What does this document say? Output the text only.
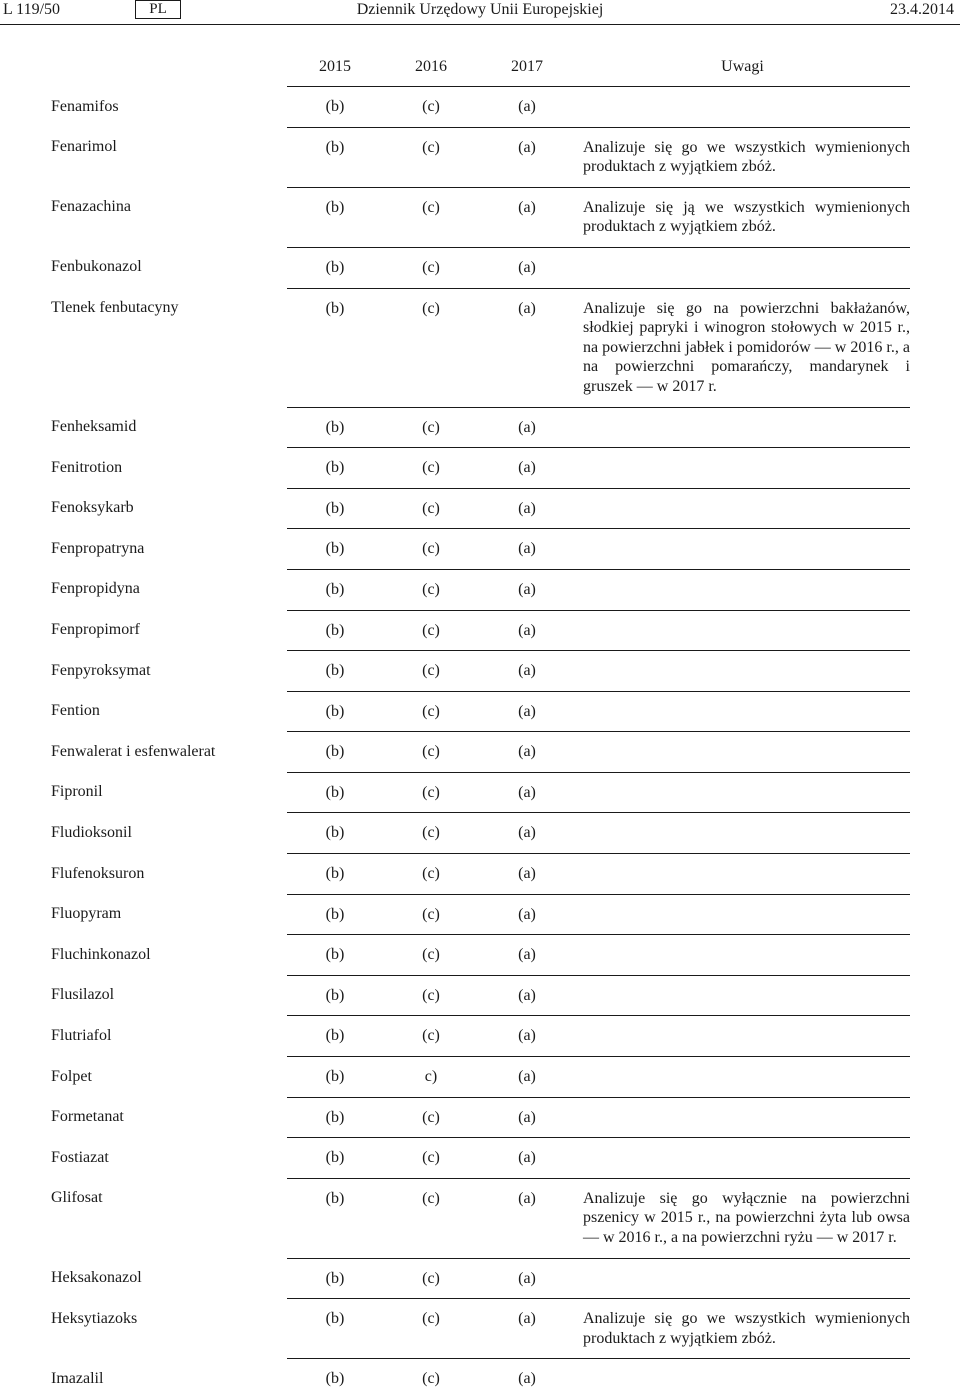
L 119/50	PL	Dziennik Urzędowy Unii Europejskiej	23.4.2014
	2015	2016	2017	Uwagi
Fenamifos	(b)	(c)	(a)	
Fenarimol	(b)	(c)	(a)	Analizuje się go we wszystkich wymienionych produktach z wyjątkiem zbóż.
Fenazachina	(b)	(c)	(a)	Analizuje się ją we wszystkich wymienionych produktach z wyjątkiem zbóż.
Fenbukonazol	(b)	(c)	(a)	
Tlenek fenbutacyny	(b)	(c)	(a)	Analizuje się go na powierzchni bakłażanów, słodkiej papryki i winogron stołowych w 2015 r., na powierzchni jabłek i pomidorów — w 2016 r., a na powierzchni pomarańczy, mandarynek i gruszek — w 2017 r.
Fenheksamid	(b)	(c)	(a)	
Fenitrotion	(b)	(c)	(a)	
Fenoksykarb	(b)	(c)	(a)	
Fenpropatryna	(b)	(c)	(a)	
Fenpropidyna	(b)	(c)	(a)	
Fenpropimorf	(b)	(c)	(a)	
Fenpyroksymat	(b)	(c)	(a)	
Fention	(b)	(c)	(a)	
Fenwalerat i esfenwalerat	(b)	(c)	(a)	
Fipronil	(b)	(c)	(a)	
Fludioksonil	(b)	(c)	(a)	
Flufenoksuron	(b)	(c)	(a)	
Fluopyram	(b)	(c)	(a)	
Fluchinkonazol	(b)	(c)	(a)	
Flusilazol	(b)	(c)	(a)	
Flutriafol	(b)	(c)	(a)	
Folpet	(b)	c)	(a)	
Formetanat	(b)	(c)	(a)	
Fostiazat	(b)	(c)	(a)	
Glifosat	(b)	(c)	(a)	Analizuje się go wyłącznie na powierzchni pszenicy w 2015 r., na powierzchni żyta lub owsa — w 2016 r., a na powierzchni ryżu — w 2017 r.
Heksakonazol	(b)	(c)	(a)	
Heksytiazoks	(b)	(c)	(a)	Analizuje się go we wszystkich wymienionych produktach z wyjątkiem zbóż.
Imazalil	(b)	(c)	(a)	
